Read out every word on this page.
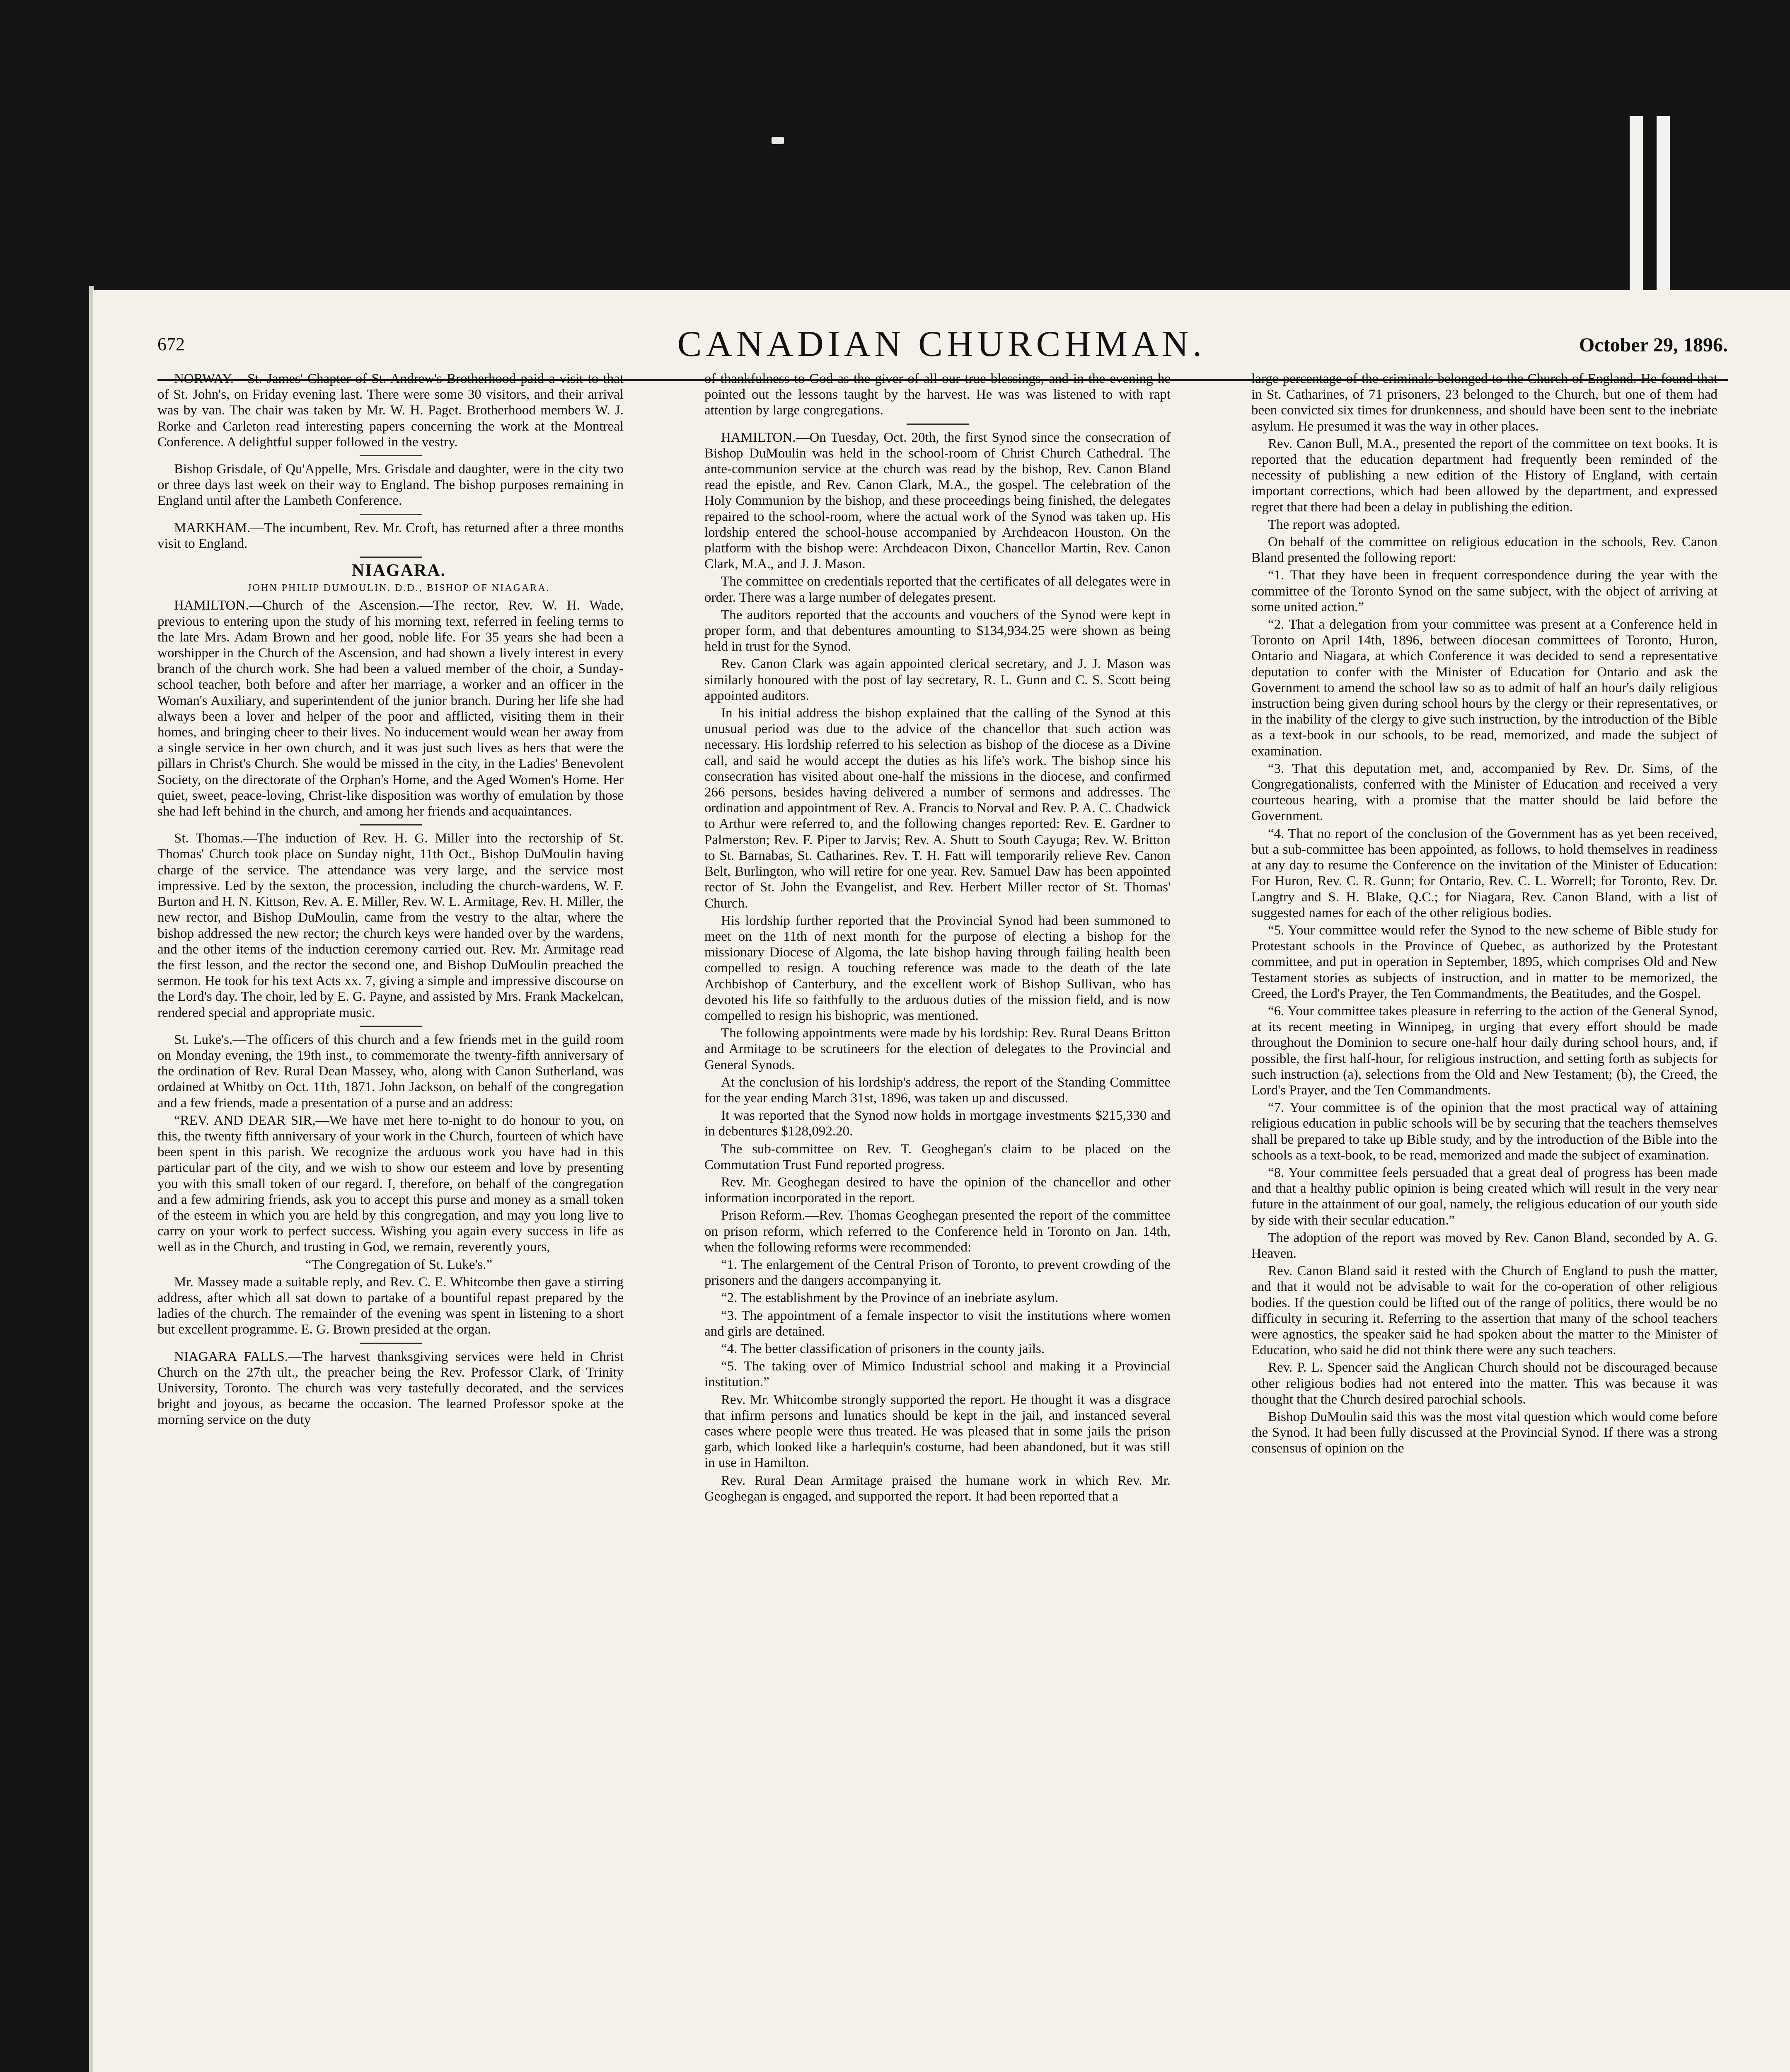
672	CANADIAN CHURCHMAN.	October 29, 1896.

NORWAY.—St. James' Chapter of St. Andrew's Brotherhood paid a visit to that of St. John's, on Friday evening last. There were some 30 visitors, and their arrival was by van. The chair was taken by Mr. W. H. Paget. Brotherhood members W. J. Rorke and Carleton read interesting papers concerning the work at the Montreal Conference. A delightful supper followed in the vestry.

Bishop Grisdale, of Qu'Appelle, Mrs. Grisdale and daughter, were in the city two or three days last week on their way to England. The bishop purposes remaining in England until after the Lambeth Conference.

MARKHAM.—The incumbent, Rev. Mr. Croft, has returned after a three months visit to England.

NIAGARA.

JOHN PHILIP DUMOULIN, D.D., BISHOP OF NIAGARA.

HAMILTON.—Church of the Ascension.—The rector, Rev. W. H. Wade, previous to entering upon the study of his morning text, referred in feeling terms to the late Mrs. Adam Brown and her good, noble life. For 35 years she had been a worshipper in the Church of the Ascension, and had shown a lively interest in every branch of the church work. She had been a valued member of the choir, a Sunday-school teacher, both before and after her marriage, a worker and an officer in the Woman's Auxiliary, and superintendent of the junior branch. During her life she had always been a lover and helper of the poor and afflicted, visiting them in their homes, and bringing cheer to their lives. No inducement would wean her away from a single service in her own church, and it was just such lives as hers that were the pillars in Christ's Church. She would be missed in the city, in the Ladies' Benevolent Society, on the directorate of the Orphan's Home, and the Aged Women's Home. Her quiet, sweet, peace-loving, Christ-like disposition was worthy of emulation by those she had left behind in the church, and among her friends and acquaintances.

St. Thomas.—The induction of Rev. H. G. Miller into the rectorship of St. Thomas' Church took place on Sunday night, 11th Oct., Bishop DuMoulin having charge of the service. The attendance was very large, and the service most impressive. Led by the sexton, the procession, including the church-wardens, W. F. Burton and H. N. Kittson, Rev. A. E. Miller, Rev. W. L. Armitage, Rev. H. Miller, the new rector, and Bishop DuMoulin, came from the vestry to the altar, where the bishop addressed the new rector; the church keys were handed over by the wardens, and the other items of the induction ceremony carried out. Rev. Mr. Armitage read the first lesson, and the rector the second one, and Bishop DuMoulin preached the sermon. He took for his text Acts xx. 7, giving a simple and impressive discourse on the Lord's day. The choir, led by E. G. Payne, and assisted by Mrs. Frank Mackelcan, rendered special and appropriate music.

St. Luke's.—The officers of this church and a few friends met in the guild room on Monday evening, the 19th inst., to commemorate the twenty-fifth anniversary of the ordination of Rev. Rural Dean Massey, who, along with Canon Sutherland, was ordained at Whitby on Oct. 11th, 1871. John Jackson, on behalf of the congregation and a few friends, made a presentation of a purse and an address:

“REV. AND DEAR SIR,—We have met here to-night to do honour to you, on this, the twenty fifth anniversary of your work in the Church, fourteen of which have been spent in this parish. We recognize the arduous work you have had in this particular part of the city, and we wish to show our esteem and love by presenting you with this small token of our regard. I, therefore, on behalf of the congregation and a few admiring friends, ask you to accept this purse and money as a small token of the esteem in which you are held by this congregation, and may you long live to carry on your work to perfect success. Wishing you again every success in life as well as in the Church, and trusting in God, we remain, reverently yours,

“The Congregation of St. Luke's.”

Mr. Massey made a suitable reply, and Rev. C. E. Whitcombe then gave a stirring address, after which all sat down to partake of a bountiful repast prepared by the ladies of the church. The remainder of the evening was spent in listening to a short but excellent programme. E. G. Brown presided at the organ.

NIAGARA FALLS.—The harvest thanksgiving services were held in Christ Church on the 27th ult., the preacher being the Rev. Professor Clark, of Trinity University, Toronto. The church was very tastefully decorated, and the services bright and joyous, as became the occasion. The learned Professor spoke at the morning service on the duty

of thankfulness to God as the giver of all our true blessings, and in the evening he pointed out the lessons taught by the harvest. He was was listened to with rapt attention by large congregations.

HAMILTON.—On Tuesday, Oct. 20th, the first Synod since the consecration of Bishop DuMoulin was held in the school-room of Christ Church Cathedral. The ante-communion service at the church was read by the bishop, Rev. Canon Bland read the epistle, and Rev. Canon Clark, M.A., the gospel. The celebration of the Holy Communion by the bishop, and these proceedings being finished, the delegates repaired to the school-room, where the actual work of the Synod was taken up. His lordship entered the school-house accompanied by Archdeacon Houston. On the platform with the bishop were: Archdeacon Dixon, Chancellor Martin, Rev. Canon Clark, M.A., and J. J. Mason.

The committee on credentials reported that the certificates of all delegates were in order. There was a large number of delegates present.

The auditors reported that the accounts and vouchers of the Synod were kept in proper form, and that debentures amounting to $134,934.25 were shown as being held in trust for the Synod.

Rev. Canon Clark was again appointed clerical secretary, and J. J. Mason was similarly honoured with the post of lay secretary, R. L. Gunn and C. S. Scott being appointed auditors.

In his initial address the bishop explained that the calling of the Synod at this unusual period was due to the advice of the chancellor that such action was necessary. His lordship referred to his selection as bishop of the diocese as a Divine call, and said he would accept the duties as his life's work. The bishop since his consecration has visited about one-half the missions in the diocese, and confirmed 266 persons, besides having delivered a number of sermons and addresses. The ordination and appointment of Rev. A. Francis to Norval and Rev. P. A. C. Chadwick to Arthur were referred to, and the following changes reported: Rev. E. Gardner to Palmerston; Rev. F. Piper to Jarvis; Rev. A. Shutt to South Cayuga; Rev. W. Britton to St. Barnabas, St. Catharines. Rev. T. H. Fatt will temporarily relieve Rev. Canon Belt, Burlington, who will retire for one year. Rev. Samuel Daw has been appointed rector of St. John the Evangelist, and Rev. Herbert Miller rector of St. Thomas' Church.

His lordship further reported that the Provincial Synod had been summoned to meet on the 11th of next month for the purpose of electing a bishop for the missionary Diocese of Algoma, the late bishop having through failing health been compelled to resign. A touching reference was made to the death of the late Archbishop of Canterbury, and the excellent work of Bishop Sullivan, who has devoted his life so faithfully to the arduous duties of the mission field, and is now compelled to resign his bishopric, was mentioned.

The following appointments were made by his lordship: Rev. Rural Deans Britton and Armitage to be scrutineers for the election of delegates to the Provincial and General Synods.

At the conclusion of his lordship's address, the report of the Standing Committee for the year ending March 31st, 1896, was taken up and discussed.

It was reported that the Synod now holds in mortgage investments $215,330 and in debentures $128,092.20.

The sub-committee on Rev. T. Geoghegan's claim to be placed on the Commutation Trust Fund reported progress.

Rev. Mr. Geoghegan desired to have the opinion of the chancellor and other information incorporated in the report.

Prison Reform.—Rev. Thomas Geoghegan presented the report of the committee on prison reform, which referred to the Conference held in Toronto on Jan. 14th, when the following reforms were recommended:

“1. The enlargement of the Central Prison of Toronto, to prevent crowding of the prisoners and the dangers accompanying it.

“2. The establishment by the Province of an inebriate asylum.

“3. The appointment of a female inspector to visit the institutions where women and girls are detained.

“4. The better classification of prisoners in the county jails.

“5. The taking over of Mimico Industrial school and making it a Provincial institution.”

Rev. Mr. Whitcombe strongly supported the report. He thought it was a disgrace that infirm persons and lunatics should be kept in the jail, and instanced several cases where people were thus treated. He was pleased that in some jails the prison garb, which looked like a harlequin's costume, had been abandoned, but it was still in use in Hamilton.

Rev. Rural Dean Armitage praised the humane work in which Rev. Mr. Geoghegan is engaged, and supported the report. It had been reported that a

large percentage of the criminals belonged to the Church of England. He found that in St. Catharines, of 71 prisoners, 23 belonged to the Church, but one of them had been convicted six times for drunkenness, and should have been sent to the inebriate asylum. He presumed it was the way in other places.

Rev. Canon Bull, M.A., presented the report of the committee on text books. It is reported that the education department had frequently been reminded of the necessity of publishing a new edition of the History of England, with certain important corrections, which had been allowed by the department, and expressed regret that there had been a delay in publishing the edition.

The report was adopted.

On behalf of the committee on religious education in the schools, Rev. Canon Bland presented the following report:

“1. That they have been in frequent correspondence during the year with the committee of the Toronto Synod on the same subject, with the object of arriving at some united action.”

“2. That a delegation from your committee was present at a Conference held in Toronto on April 14th, 1896, between diocesan committees of Toronto, Huron, Ontario and Niagara, at which Conference it was decided to send a representative deputation to confer with the Minister of Education for Ontario and ask the Government to amend the school law so as to admit of half an hour's daily religious instruction being given during school hours by the clergy or their representatives, or in the inability of the clergy to give such instruction, by the introduction of the Bible as a text-book in our schools, to be read, memorized, and made the subject of examination.

“3. That this deputation met, and, accompanied by Rev. Dr. Sims, of the Congregationalists, conferred with the Minister of Education and received a very courteous hearing, with a promise that the matter should be laid before the Government.

“4. That no report of the conclusion of the Government has as yet been received, but a sub-committee has been appointed, as follows, to hold themselves in readiness at any day to resume the Conference on the invitation of the Minister of Education: For Huron, Rev. C. R. Gunn; for Ontario, Rev. C. L. Worrell; for Toronto, Rev. Dr. Langtry and S. H. Blake, Q.C.; for Niagara, Rev. Canon Bland, with a list of suggested names for each of the other religious bodies.

“5. Your committee would refer the Synod to the new scheme of Bible study for Protestant schools in the Province of Quebec, as authorized by the Protestant committee, and put in operation in September, 1895, which comprises Old and New Testament stories as subjects of instruction, and in matter to be memorized, the Creed, the Lord's Prayer, the Ten Commandments, the Beatitudes, and the Gospel.

“6. Your committee takes pleasure in referring to the action of the General Synod, at its recent meeting in Winnipeg, in urging that every effort should be made throughout the Dominion to secure one-half hour daily during school hours, and, if possible, the first half-hour, for religious instruction, and setting forth as subjects for such instruction (a), selections from the Old and New Testament; (b), the Creed, the Lord's Prayer, and the Ten Commandments.

“7. Your committee is of the opinion that the most practical way of attaining religious education in public schools will be by securing that the teachers themselves shall be prepared to take up Bible study, and by the introduction of the Bible into the schools as a text-book, to be read, memorized and made the subject of examination.

“8. Your committee feels persuaded that a great deal of progress has been made and that a healthy public opinion is being created which will result in the very near future in the attainment of our goal, namely, the religious education of our youth side by side with their secular education.”

The adoption of the report was moved by Rev. Canon Bland, seconded by A. G. Heaven.

Rev. Canon Bland said it rested with the Church of England to push the matter, and that it would not be advisable to wait for the co-operation of other religious bodies. If the question could be lifted out of the range of politics, there would be no difficulty in securing it. Referring to the assertion that many of the school teachers were agnostics, the speaker said he had spoken about the matter to the Minister of Education, who said he did not think there were any such teachers.

Rev. P. L. Spencer said the Anglican Church should not be discouraged because other religious bodies had not entered into the matter. This was because it was thought that the Church desired parochial schools.

Bishop DuMoulin said this was the most vital question which would come before the Synod. It had been fully discussed at the Provincial Synod. If there was a strong consensus of opinion on the
